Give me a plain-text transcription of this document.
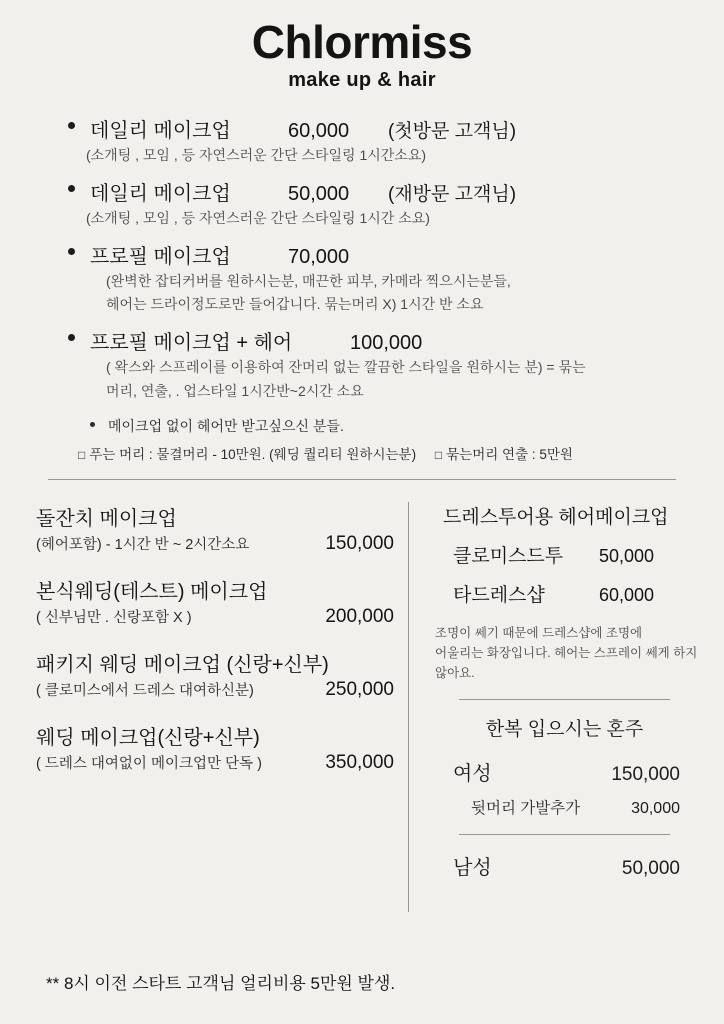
Chlormiss
make up & hair
데일리 메이크업	60,000	(첫방문 고객님)
(소개팅 , 모임 , 등 자연스러운 간단 스타일링 1시간소요)
데일리 메이크업	50,000	(재방문 고객님)
(소개팅 , 모임 , 등 자연스러운 간단 스타일링 1시간 소요)
프로필 메이크업	70,000
(완벽한 잡티커버를 원하시는분, 매끈한 피부, 카메라 찍으시는분들,
헤어는 드라이정도로만 들어갑니다. 묶는머리 X) 1시간 반 소요
프로필 메이크업 + 헤어	100,000
( 왁스와 스프레이를 이용하여 잔머리 없는 깔끔한 스타일을 원하시는 분) = 묶는
머리, 연출, . 업스타일 1시간반~2시간 소요
메이크업 없이 헤어만 받고싶으신 분들.
□ 푸는 머리 : 물결머리 - 10만원. (웨딩 퀄리티 원하시는분) □ 묶는머리 연출 : 5만원
돌잔치 메이크업
(헤어포함) - 1시간 반 ~ 2시간소요	150,000
본식웨딩(테스트) 메이크업
( 신부님만 . 신랑포함 X )	200,000
패키지 웨딩 메이크업 (신랑+신부)
( 클로미스에서 드레스 대여하신분)	250,000
웨딩 메이크업(신랑+신부)
( 드레스 대여없이 메이크업만 단독 )	350,000
드레스투어용 헤어메이크업
클로미스드투	50,000
타드레스샵	60,000
조명이 쎄기 때문에 드레스샵에 조명에
어울리는 화장입니다. 헤어는 스프레이 쎄게 하지 않아요.
한복 입으시는 혼주
여성	150,000
뒷머리 가발추가	30,000
남성	50,000
** 8시 이전 스타트 고객님 얼리비용 5만원 발생.
